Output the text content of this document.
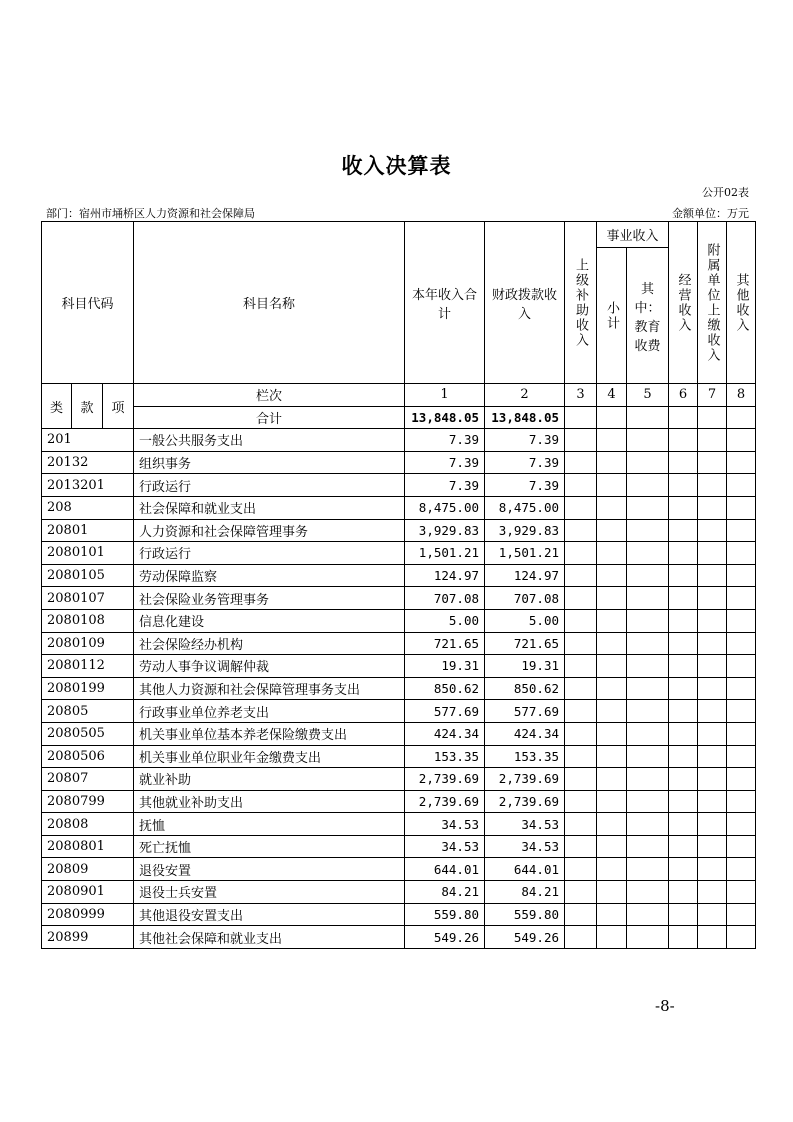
收入决算表
公开02表
部门：宿州市埇桥区人力资源和社会保障局	金额单位：万元
科目代码			科目名称	本年收入合计	财政拨款收入	上级补助收入	事业收入		经营收入	附属单位上缴收入	其他收入

							小计	其中：教育收费			
类	款	项	栏次	1	2	3	4	5	6	7	8
			合计	13,848.05	13,848.05						
201			一般公共服务支出	7.39	7.39						
20132			组织事务	7.39	7.39						
2013201			行政运行	7.39	7.39						
208			社会保障和就业支出	8,475.00	8,475.00						
20801			人力资源和社会保障管理事务	3,929.83	3,929.83						
2080101			行政运行	1,501.21	1,501.21						
2080105			劳动保障监察	124.97	124.97						
2080107			社会保险业务管理事务	707.08	707.08						
2080108			信息化建设	5.00	5.00						
2080109			社会保险经办机构	721.65	721.65						
2080112			劳动人事争议调解仲裁	19.31	19.31						
2080199			其他人力资源和社会保障管理事务支出	850.62	850.62						
20805			行政事业单位养老支出	577.69	577.69						
2080505			机关事业单位基本养老保险缴费支出	424.34	424.34						
2080506			机关事业单位职业年金缴费支出	153.35	153.35						
20807			就业补助	2,739.69	2,739.69						
2080799			其他就业补助支出	2,739.69	2,739.69						
20808			抚恤	34.53	34.53						
2080801			死亡抚恤	34.53	34.53						
20809			退役安置	644.01	644.01						
2080901			退役士兵安置	84.21	84.21						
2080999			其他退役安置支出	559.80	559.80						
20899			其他社会保障和就业支出	549.26	549.26						
-8-
